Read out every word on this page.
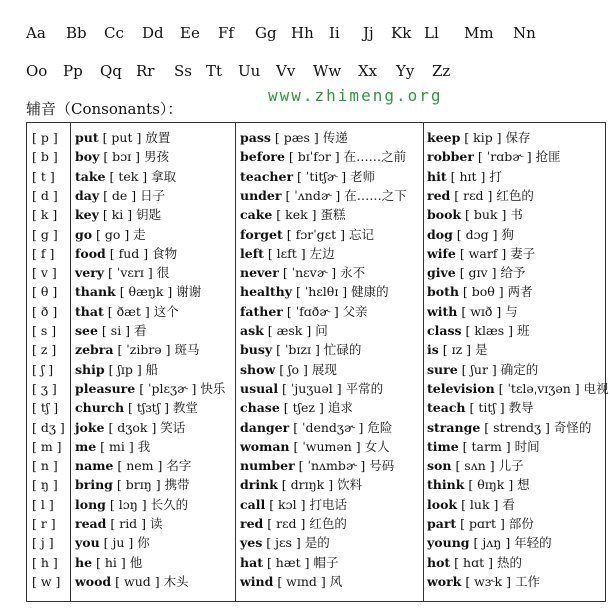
Aa Bb Cc Dd Ee Ff Gg Hh Ii Jj Kk Ll Mm Nn
Oo Pp Qq Rr Ss Tt Uu Vv Ww Xx Yy Zz
辅音（Consonants）：
www.zhimeng.org
[ p ]	put [ put ] 放置	pass [ pæs ] 传递	keep [ kip ] 保存
[ b ]	boy [ bɔɪ ] 男孩	before [ bɪˈfɔr ] 在……之前	robber [ ˈrɑbɚ ] 抢匪
[ t ]	take [ tek ] 拿取	teacher [ ˈtitʃɚ ] 老师	hit [ hɪt ] 打
[ d ]	day [ de ] 日子	under [ ˈʌndɚ ] 在……之下	red [ rɛd ] 红色的
[ k ]	key [ ki ] 钥匙	cake [ kek ] 蛋糕	book [ buk ] 书
[ g ]	go [ go ] 走	forget [ fɔrˈgɛt ] 忘记	dog [ dɔg ] 狗
[ f ]	food [ fud ] 食物	left [ lɛft ] 左边	wife [ warf ] 妻子
[ v ]	very [ ˈvɛrɪ ] 很	never [ ˈnɛvɚ ] 永不	give [ gɪv ] 给予
[ θ ]	thank [ θæŋk ] 谢谢	healthy [ ˈhɛlθɪ ] 健康的	both [ boθ ] 两者
[ ð ]	that [ ðæt ] 这个	father [ ˈfɑðɚ ] 父亲	with [ wɪð ] 与
[ s ]	see [ si ] 看	ask [ æsk ] 问	class [ klæs ] 班
[ z ]	zebra [ ˈzibrə ] 斑马	busy [ ˈbɪzɪ ] 忙碌的	is [ ɪz ] 是
[ ʃ ]	ship [ ʃɪp ] 船	show [ ʃo ] 展现	sure [ ʃur ] 确定的
[ ʒ ]	pleasure [ ˈplɛʒɚ ] 快乐	usual [ ˈjuʒuəl ] 平常的	television [ ˈtɛləˌvɪʒən ] 电视
[ tʃ ]	church [ tʃɜtʃ ] 教堂	chase [ tʃez ] 追求	teach [ titʃ ] 教导
[ dʒ ] joke [ dʒok ] 笑话	danger [ ˈdendʒɚ ] 危险	strange [ strendʒ ] 奇怪的
[ m ]	me [ mi ] 我	woman [ ˈwumən ] 女人	time [ tarm ] 时间
[ n ]	name [ nem ] 名字	number [ ˈnʌmbɚ ] 号码	son [ sʌn ] 儿子
[ ŋ ]	bring [ brɪŋ ] 携带	drink [ drɪŋk ] 饮料	think [ θɪŋk ] 想
[ l ]	long [ lɔŋ ] 长久的	call [ kɔl ] 打电话	look [ luk ] 看
[ r ]	read [ rid ] 读	red [ rɛd ] 红色的	part [ pɑrt ] 部份
[ j ]	you [ ju ] 你	yes [ jɛs ] 是的	young [ jʌŋ ] 年轻的
[ h ]	he [ hi ] 他	hat [ hæt ] 帽子	hot [ hɑt ] 热的
[ w ]	wood [ wud ] 木头	wind [ wɪnd ] 风	work [ wɝk ] 工作
